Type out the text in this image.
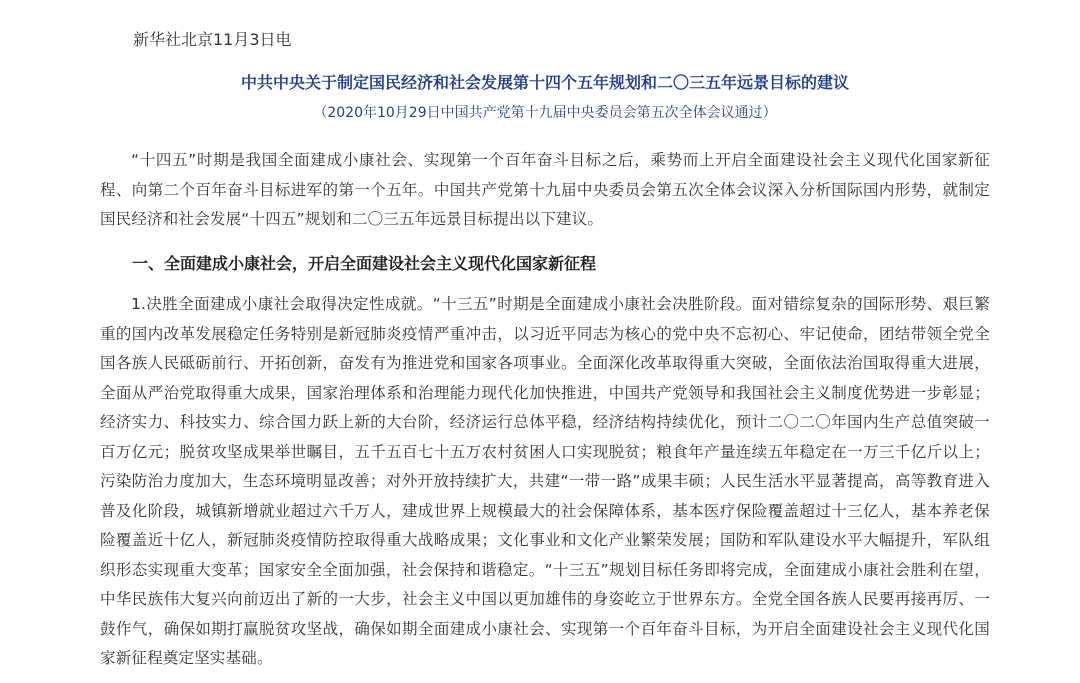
新华社北京11月3日电

中共中央关于制定国民经济和社会发展第十四个五年规划和二〇三五年远景目标的建议

（2020年10月29日中国共产党第十九届中央委员会第五次全体会议通过）

“十四五”时期是我国全面建成小康社会、实现第一个百年奋斗目标之后，乘势而上开启全面建设社会主义现代化国家新征程、向第二个百年奋斗目标进军的第一个五年。中国共产党第十九届中央委员会第五次全体会议深入分析国际国内形势，就制定国民经济和社会发展“十四五”规划和二〇三五年远景目标提出以下建议。

一、全面建成小康社会，开启全面建设社会主义现代化国家新征程

1.决胜全面建成小康社会取得决定性成就。“十三五”时期是全面建成小康社会决胜阶段。面对错综复杂的国际形势、艰巨繁重的国内改革发展稳定任务特别是新冠肺炎疫情严重冲击，以习近平同志为核心的党中央不忘初心、牢记使命，团结带领全党全国各族人民砥砺前行、开拓创新，奋发有为推进党和国家各项事业。全面深化改革取得重大突破，全面依法治国取得重大进展，全面从严治党取得重大成果，国家治理体系和治理能力现代化加快推进，中国共产党领导和我国社会主义制度优势进一步彰显；经济实力、科技实力、综合国力跃上新的大台阶，经济运行总体平稳，经济结构持续优化，预计二〇二〇年国内生产总值突破一百万亿元；脱贫攻坚成果举世瞩目，五千五百七十五万农村贫困人口实现脱贫；粮食年产量连续五年稳定在一万三千亿斤以上；污染防治力度加大，生态环境明显改善；对外开放持续扩大，共建“一带一路”成果丰硕；人民生活水平显著提高，高等教育进入普及化阶段，城镇新增就业超过六千万人，建成世界上规模最大的社会保障体系，基本医疗保险覆盖超过十三亿人，基本养老保险覆盖近十亿人，新冠肺炎疫情防控取得重大战略成果；文化事业和文化产业繁荣发展；国防和军队建设水平大幅提升，军队组织形态实现重大变革；国家安全全面加强，社会保持和谐稳定。“十三五”规划目标任务即将完成，全面建成小康社会胜利在望，中华民族伟大复兴向前迈出了新的一大步，社会主义中国以更加雄伟的身姿屹立于世界东方。全党全国各族人民要再接再厉、一鼓作气，确保如期打赢脱贫攻坚战，确保如期全面建成小康社会、实现第一个百年奋斗目标，为开启全面建设社会主义现代化国家新征程奠定坚实基础。
